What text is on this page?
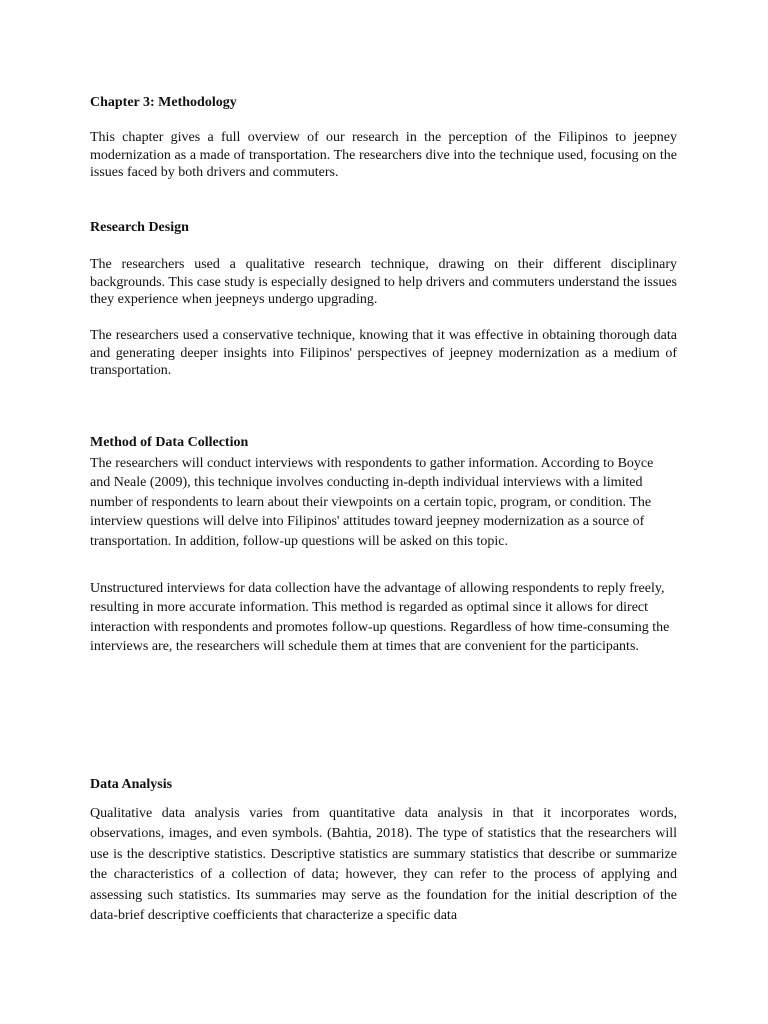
Chapter 3: Methodology

This chapter gives a full overview of our research in the perception of the Filipinos to jeepney modernization as a made of transportation. The researchers dive into the technique used, focusing on the issues faced by both drivers and commuters.

Research Design

The researchers used a qualitative research technique, drawing on their different disciplinary backgrounds. This case study is especially designed to help drivers and commuters understand the issues they experience when jeepneys undergo upgrading.

The researchers used a conservative technique, knowing that it was effective in obtaining thorough data and generating deeper insights into Filipinos' perspectives of jeepney modernization as a medium of transportation.

Method of Data Collection

The researchers will conduct interviews with respondents to gather information. According to Boyce and Neale (2009), this technique involves conducting in-depth individual interviews with a limited number of respondents to learn about their viewpoints on a certain topic, program, or condition. The interview questions will delve into Filipinos' attitudes toward jeepney modernization as a source of transportation. In addition, follow-up questions will be asked on this topic.

Unstructured interviews for data collection have the advantage of allowing respondents to reply freely, resulting in more accurate information. This method is regarded as optimal since it allows for direct interaction with respondents and promotes follow-up questions. Regardless of how time-consuming the interviews are, the researchers will schedule them at times that are convenient for the participants.

Data Analysis

Qualitative data analysis varies from quantitative data analysis in that it incorporates words, observations, images, and even symbols. (Bahtia, 2018). The type of statistics that the researchers will use is the descriptive statistics. Descriptive statistics are summary statistics that describe or summarize the characteristics of a collection of data; however, they can refer to the process of applying and assessing such statistics. Its summaries may serve as the foundation for the initial description of the data-brief descriptive coefficients that characterize a specific data
